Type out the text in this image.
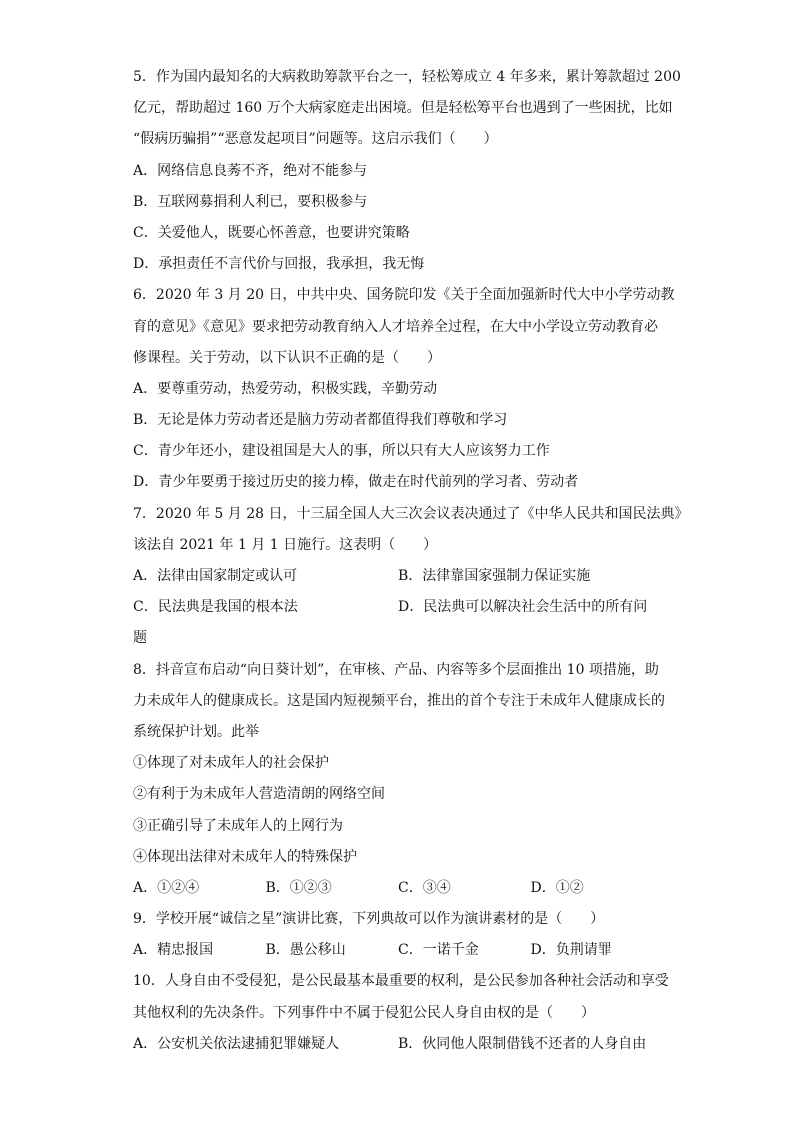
5．作为国内最知名的大病救助筹款平台之一，轻松筹成立 4 年多来，累计筹款超过 200
亿元，帮助超过 160 万个大病家庭走出困境。但是轻松筹平台也遇到了一些困扰，比如
“假病历骗捐”“恶意发起项目”问题等。这启示我们（　　）
A．网络信息良莠不齐，绝对不能参与
B．互联网募捐利人利已，要积极参与
C．关爱他人，既要心怀善意，也要讲究策略
D．承担责任不言代价与回报，我承担，我无悔
6．2020 年 3 月 20 日，中共中央、国务院印发《关于全面加强新时代大中小学劳动教
育的意见》《意见》要求把劳动教育纳入人才培养全过程，在大中小学设立劳动教育必
修课程。关于劳动，以下认识不正确的是（　　）
A．要尊重劳动，热爱劳动，积极实践，辛勤劳动
B．无论是体力劳动者还是脑力劳动者都值得我们尊敬和学习
C．青少年还小，建设祖国是大人的事，所以只有大人应该努力工作
D．青少年要勇于接过历史的接力棒，做走在时代前列的学习者、劳动者
7．2020 年 5 月 28 日，十三届全国人大三次会议表决通过了《中华人民共和国民法典》
该法自 2021 年 1 月 1 日施行。这表明（　　）
A．法律由国家制定或认可	B．法律靠国家强制力保证实施
C．民法典是我国的根本法	D．民法典可以解决社会生活中的所有问
题
8．抖音宣布启动“向日葵计划”，在审核、产品、内容等多个层面推出 10 项措施，助
力未成年人的健康成长。这是国内短视频平台，推出的首个专注于未成年人健康成长的
系统保护计划。此举
①体现了对未成年人的社会保护
②有利于为未成年人营造清朗的网络空间
③正确引导了未成年人的上网行为
④体现出法律对未成年人的特殊保护
A．①②④	B．①②③	C．③④	D．①②
9．学校开展“诚信之星”演讲比赛，下列典故可以作为演讲素材的是（　　）
A．精忠报国	B．愚公移山	C．一诺千金	D．负荆请罪
10．人身自由不受侵犯，是公民最基本最重要的权利，是公民参加各种社会活动和享受
其他权利的先决条件。下列事件中不属于侵犯公民人身自由权的是（　　）
A．公安机关依法逮捕犯罪嫌疑人	B．伙同他人限制借钱不还者的人身自由
